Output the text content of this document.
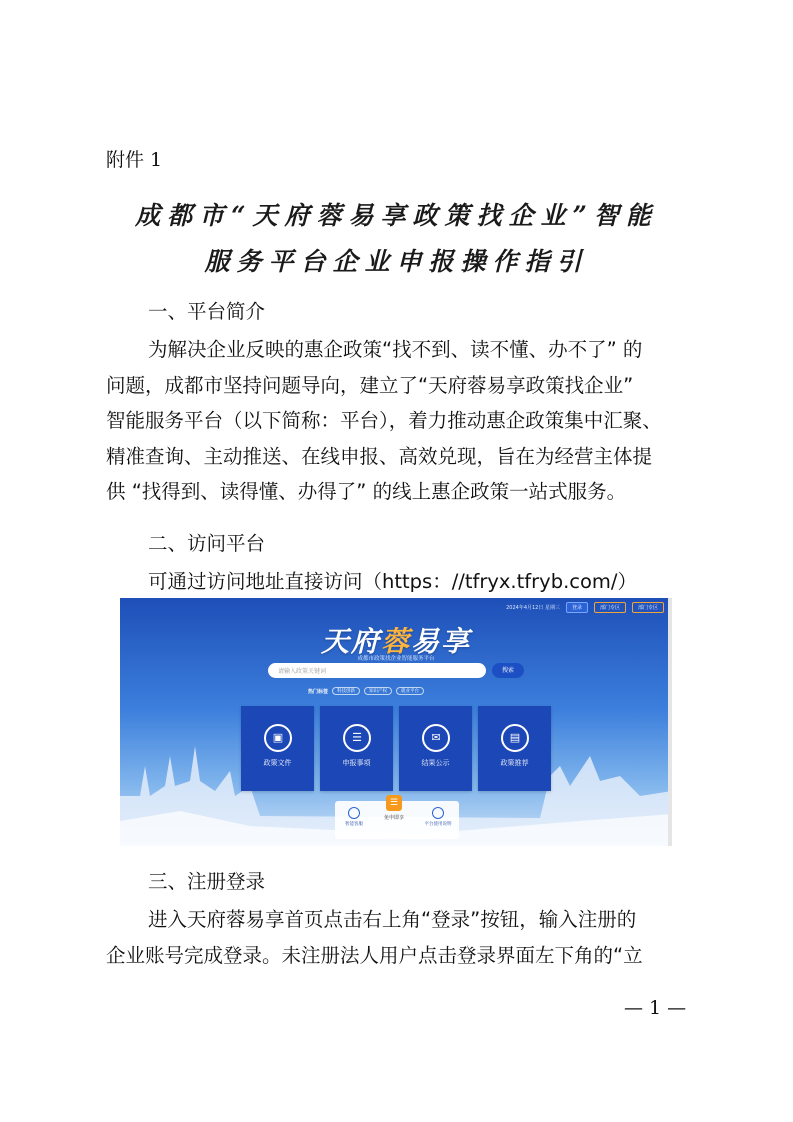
附件 1
成都市“天府蓉易享政策找企业”智能
服务平台企业申报操作指引
一、平台简介
为解决企业反映的惠企政策“找不到、读不懂、办不了” 的
问题，成都市坚持问题导向，建立了“天府蓉易享政策找企业”
智能服务平台（以下简称：平台），着力推动惠企政策集中汇聚、
精准查询、主动推送、在线申报、高效兑现，旨在为经营主体提
供 “找得到、读得懂、办得了” 的线上惠企政策一站式服务。
二、访问平台
可通过访问地址直接访问（https：//tfryx.tfryb.com/）
2024年4月12日 星期三	登录	部门专区	部门专区
天府蓉易享
成都市政策找企业智能服务平台
请输入政策关键词	搜索
热门标签	科技创新	知识产权	就业平台
▣
政策文件
☰
申报事项
✉
结果公示
▤
政策推荐
智能客服
☰
免申即享
平台使用说明
三、注册登录
进入天府蓉易享首页点击右上角“登录”按钮，输入注册的
企业账号完成登录。未注册法人用户点击登录界面左下角的“立
— 1 —
